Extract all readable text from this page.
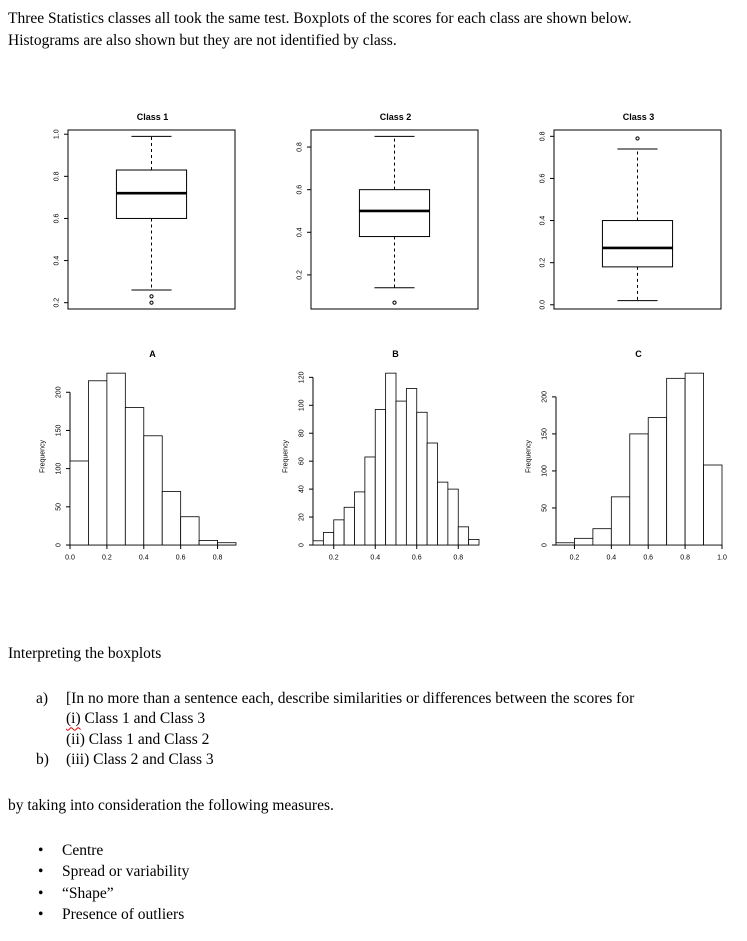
Three Statistics classes all took the same test. Boxplots of the scores for each class are shown below.

Histograms are also shown but they are not identified by class.

Class 1
0.2
0.4
0.6
0.8
1.0
Class 2
0.2
0.4
0.6
0.8
Class 3
0.0
0.2
0.4
0.6
0.8
A
0
50
100
150
200
0.0	0.2	0.4	0.6	0.8
Frequency
B
0
20
40
60
80
100
120
0.2	0.4	0.6	0.8
Frequency
C
0
50
100
150
200
0.2	0.4	0.6	0.8	1.0
Frequency

Interpreting the boxplots

a)	[In no more than a sentence each, describe similarities or differences between the scores for
(i) Class 1 and Class 3
(ii) Class 1 and Class 2
b)	(iii) Class 2 and Class 3

by taking into consideration the following measures.

•	Centre
•	Spread or variability
•	“Shape”
•	Presence of outliers
